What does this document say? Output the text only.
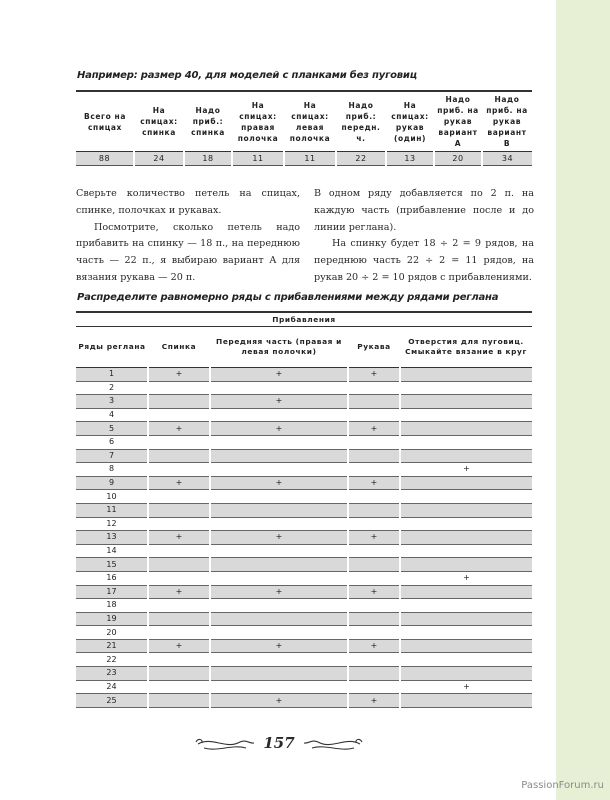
Например: размер 40, для моделей с планками без пуговиц
Всего на спицах	На спицах: спинка	Надо приб.: спинка	На спицах: правая полочка	На спицах: левая полочка	Надо приб.: передн. ч.	На спицах: рукав (один)	Надо приб. на рукав вариант А	Надо приб. на рукав вариант В
88	24	18	11	11	22	13	20	34

Сверьте количество петель на спицах, спинке, полочках и рукавах.

Посмотрите, сколько петель надо прибавить на спинку — 18 п., на переднюю часть — 22 п., я выбираю вариант А для вязания рукава — 20 п.

В одном ряду добавляется по 2 п. на каждую часть (прибавление после и до линии реглана).

На спинку будет 18 ÷ 2 = 9 рядов, на переднюю часть 22 ÷ 2 = 11 рядов, на рукав 20 ÷ 2 = 10 рядов с прибавлениями.

Распределите равномерно ряды с прибавлениями между рядами реглана
Прибавления				
Ряды реглана	Спинка	Передняя часть (правая и левая полочки)	Рукава	Отверстия для пуговиц. Смыкайте вязание в круг
1	+	+	+	
2				
3		+		
4				
5	+	+	+	
6				
7				
8				+
9	+	+	+	
10				
11				
12				
13	+	+	+	
14				
15				
16				+
17	+	+	+	
18				
19				
20				
21	+	+	+	
22				
23				
24				+
25		+	+	
157
PassionForum.ru
